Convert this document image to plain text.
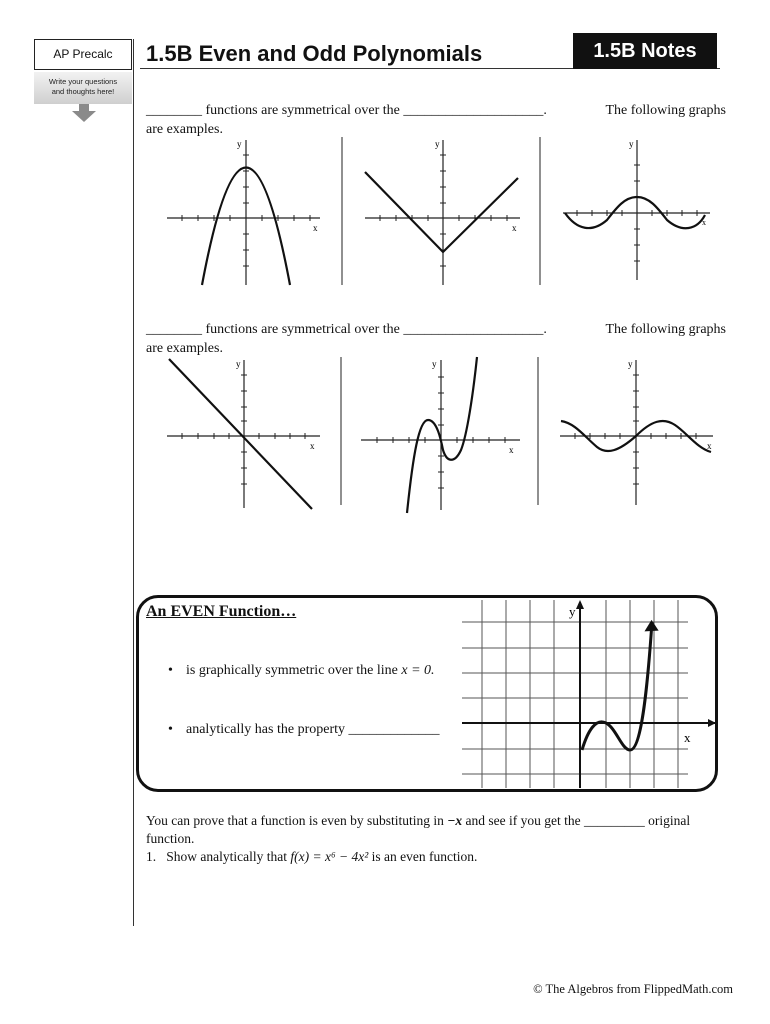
AP Precalc
Write your questions
and thoughts here!
1.5B Even and Odd Polynomials	1.5B Notes
________ functions are symmetrical over the ____________________.	The following graphs
are examples.
x
y
x
y
x
y
________ functions are symmetrical over the ____________________.	The following graphs
are examples.
x
y
x
y
x
y
An EVEN Function…
• is graphically symmetric over the line x = 0.
• analytically has the property _____________
y
x
You can prove that a function is even by substituting in −x and see if you get the _________ original
function.
1. Show analytically that f(x) = x⁶ − 4x² is an even function.
© The Algebros from FlippedMath.com
